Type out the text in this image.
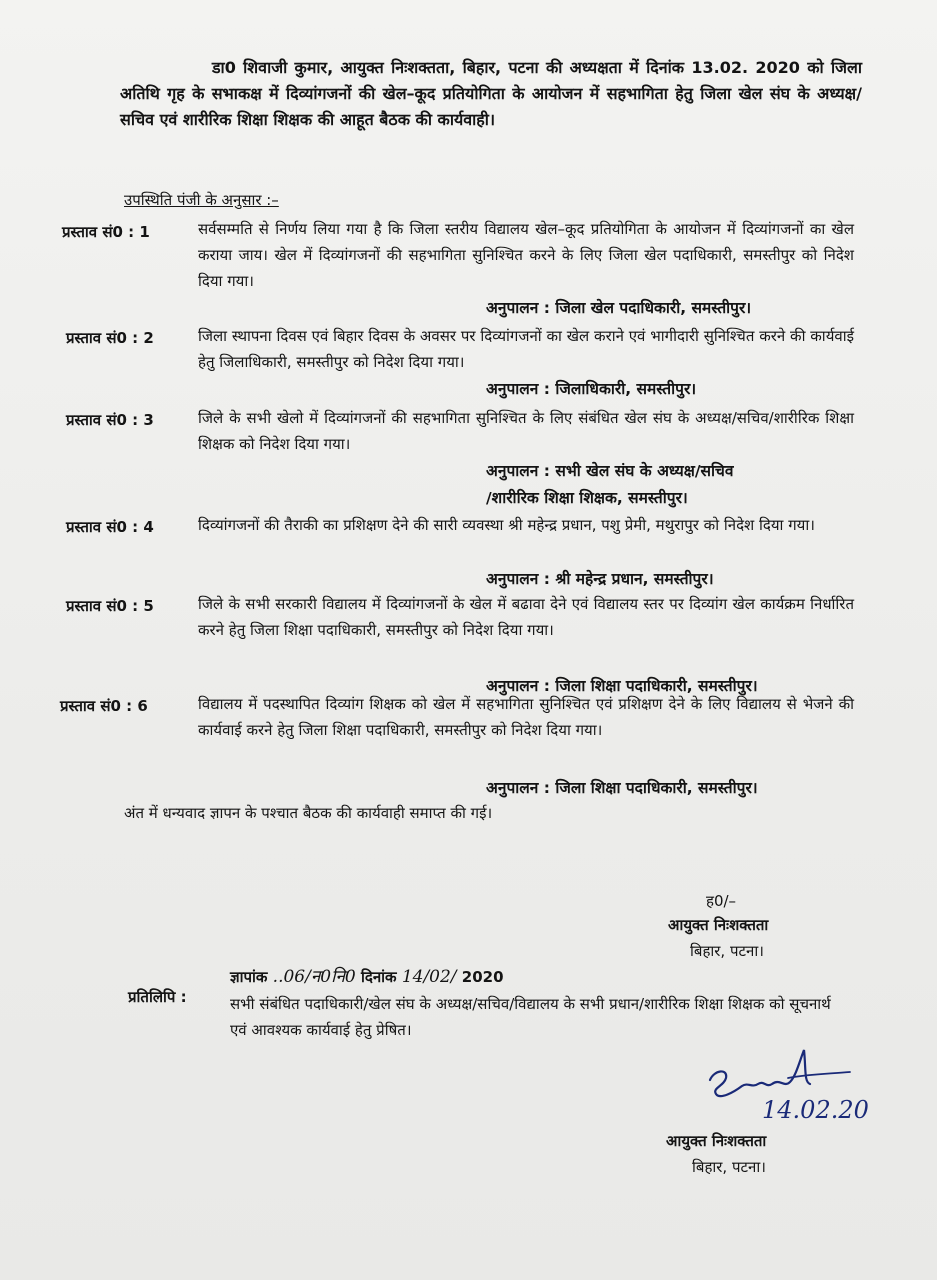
डा0 शिवाजी कुमार, आयुक्त निःशक्तता, बिहार, पटना की अध्यक्षता में दिनांक 13.02. 2020 को जिला अतिथि गृह के सभाकक्ष में दिव्यांगजनों की खेल–कूद प्रतियोगिता के आयोजन में सहभागिता हेतु जिला खेल संघ के अध्यक्ष/सचिव एवं शारीरिक शिक्षा शिक्षक की आहूत बैठक की कार्यवाही।

उपस्थिति पंजी के अनुसार :–
प्रस्ताव सं0 : 1	सर्वसम्मति से निर्णय लिया गया है कि जिला स्तरीय विद्यालय खेल–कूद प्रतियोगिता के आयोजन में दिव्यांगजनों का खेल कराया जाय। खेल में दिव्यांगजनों की सहभागिता सुनिश्चित करने के लिए जिला खेल पदाधिकारी, समस्तीपुर को निदेश दिया गया।
अनुपालन : जिला खेल पदाधिकारी, समस्तीपुर।
प्रस्ताव सं0 : 2	जिला स्थापना दिवस एवं बिहार दिवस के अवसर पर दिव्यांगजनों का खेल कराने एवं भागीदारी सुनिश्चित करने की कार्यवाई हेतु जिलाधिकारी, समस्तीपुर को निदेश दिया गया।
अनुपालन : जिलाधिकारी, समस्तीपुर।
प्रस्ताव सं0 : 3	जिले के सभी खेलो में दिव्यांगजनों की सहभागिता सुनिश्चित के लिए संबंधित खेल संघ के अध्यक्ष/सचिव/शारीरिक शिक्षा शिक्षक को निदेश दिया गया।
अनुपालन : सभी खेल संघ के अध्यक्ष/सचिव
/शारीरिक शिक्षा शिक्षक, समस्तीपुर।
प्रस्ताव सं0 : 4	दिव्यांगजनों की तैराकी का प्रशिक्षण देने की सारी व्यवस्था श्री महेन्द्र प्रधान, पशु प्रेमी, मथुरापुर को निदेश दिया गया।
अनुपालन : श्री महेन्द्र प्रधान, समस्तीपुर।
प्रस्ताव सं0 : 5	जिले के सभी सरकारी विद्यालय में दिव्यांगजनों के खेल में बढावा देने एवं विद्यालय स्तर पर दिव्यांग खेल कार्यक्रम निर्धारित करने हेतु जिला शिक्षा पदाधिकारी, समस्तीपुर को निदेश दिया गया।
अनुपालन : जिला शिक्षा पदाधिकारी, समस्तीपुर।
प्रस्ताव सं0 : 6	विद्यालय में पदस्थापित दिव्यांग शिक्षक को खेल में सहभागिता सुनिश्चित एवं प्रशिक्षण देने के लिए विद्यालय से भेजने की कार्यवाई करने हेतु जिला शिक्षा पदाधिकारी, समस्तीपुर को निदेश दिया गया।
अनुपालन : जिला शिक्षा पदाधिकारी, समस्तीपुर।
अंत में धन्यवाद ज्ञापन के पश्चात बैठक की कार्यवाही समाप्त की गई।
ह0/–
आयुक्त निःशक्तता
बिहार, पटना।
ज्ञापांक ..06/न0नि0 दिनांक 14/02/ 2020
प्रतिलिपि :	सभी संबंधित पदाधिकारी/खेल संघ के अध्यक्ष/सचिव/विद्यालय के सभी प्रधान/शारीरिक शिक्षा शिक्षक को सूचनार्थ एवं आवश्यक कार्यवाई हेतु प्रेषित।
14.02.20
आयुक्त निःशक्तता
बिहार, पटना।
